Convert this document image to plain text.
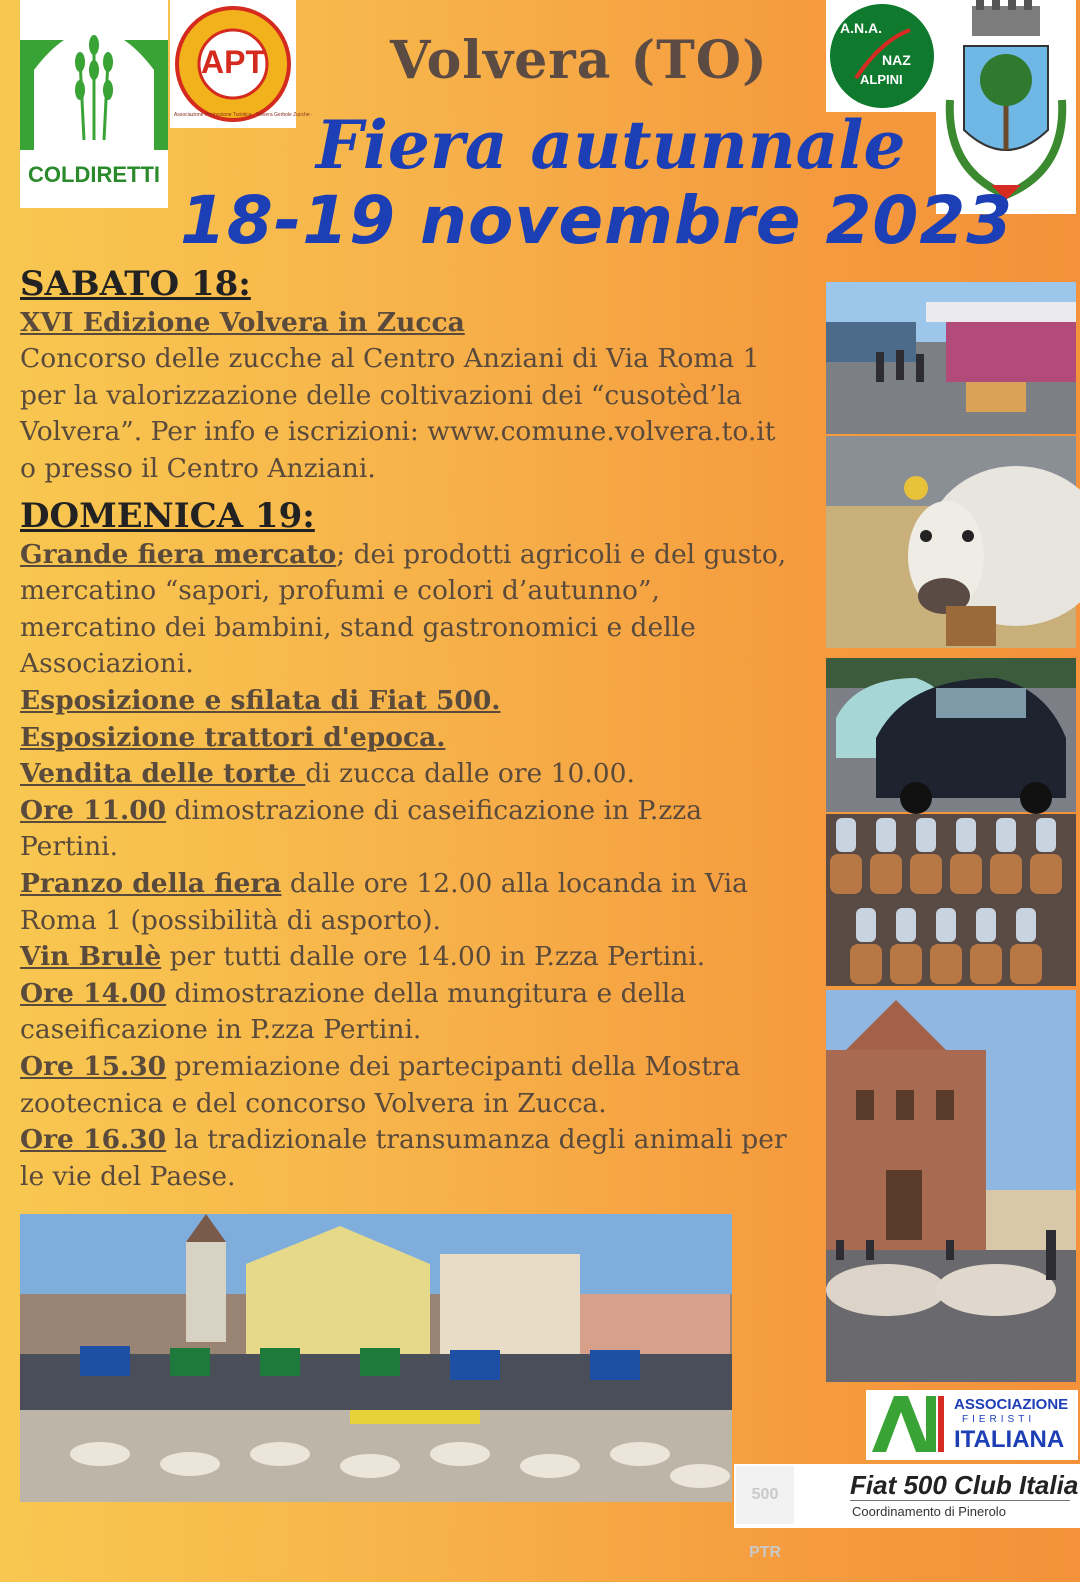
COLDIRETTI
APT
Associazione Promozione Turistica · Volvera Gerbole Zucche ·
A.N.A.
NAZ
ALPINI
Volvera (TO)
Fiera autunnale
18-19 novembre 2023
SABATO 18:
XVI Edizione Volvera in Zucca
Concorso delle zucche al Centro Anziani di Via Roma 1
per la valorizzazione delle coltivazioni dei “cusotèd’la
Volvera”. Per info e iscrizioni: www.comune.volvera.to.it
o presso il Centro Anziani.
DOMENICA 19:
Grande fiera mercato; dei prodotti agricoli e del gusto,
mercatino “sapori, profumi e colori d’autunno”,
mercatino dei bambini, stand gastronomici e delle
Associazioni.
Esposizione e sfilata di Fiat 500.
Esposizione trattori d'epoca.
Vendita delle torte di zucca dalle ore 10.00.
Ore 11.00 dimostrazione di caseificazione in P.zza
Pertini.
Pranzo della fiera dalle ore 12.00 alla locanda in Via
Roma 1 (possibilità di asporto).
Vin Brulè per tutti dalle ore 14.00 in P.zza Pertini.
Ore 14.00 dimostrazione della mungitura e della
caseificazione in P.zza Pertini.
Ore 15.30 premiazione dei partecipanti della Mostra
zootecnica e del concorso Volvera in Zucca.
Ore 16.30 la tradizionale transumanza degli animali per
le vie del Paese.
ASSOCIAZIONE
FIERISTI
ITALIANA
500 PTR
Fiat 500 Club Italia
Coordinamento di Pinerolo
